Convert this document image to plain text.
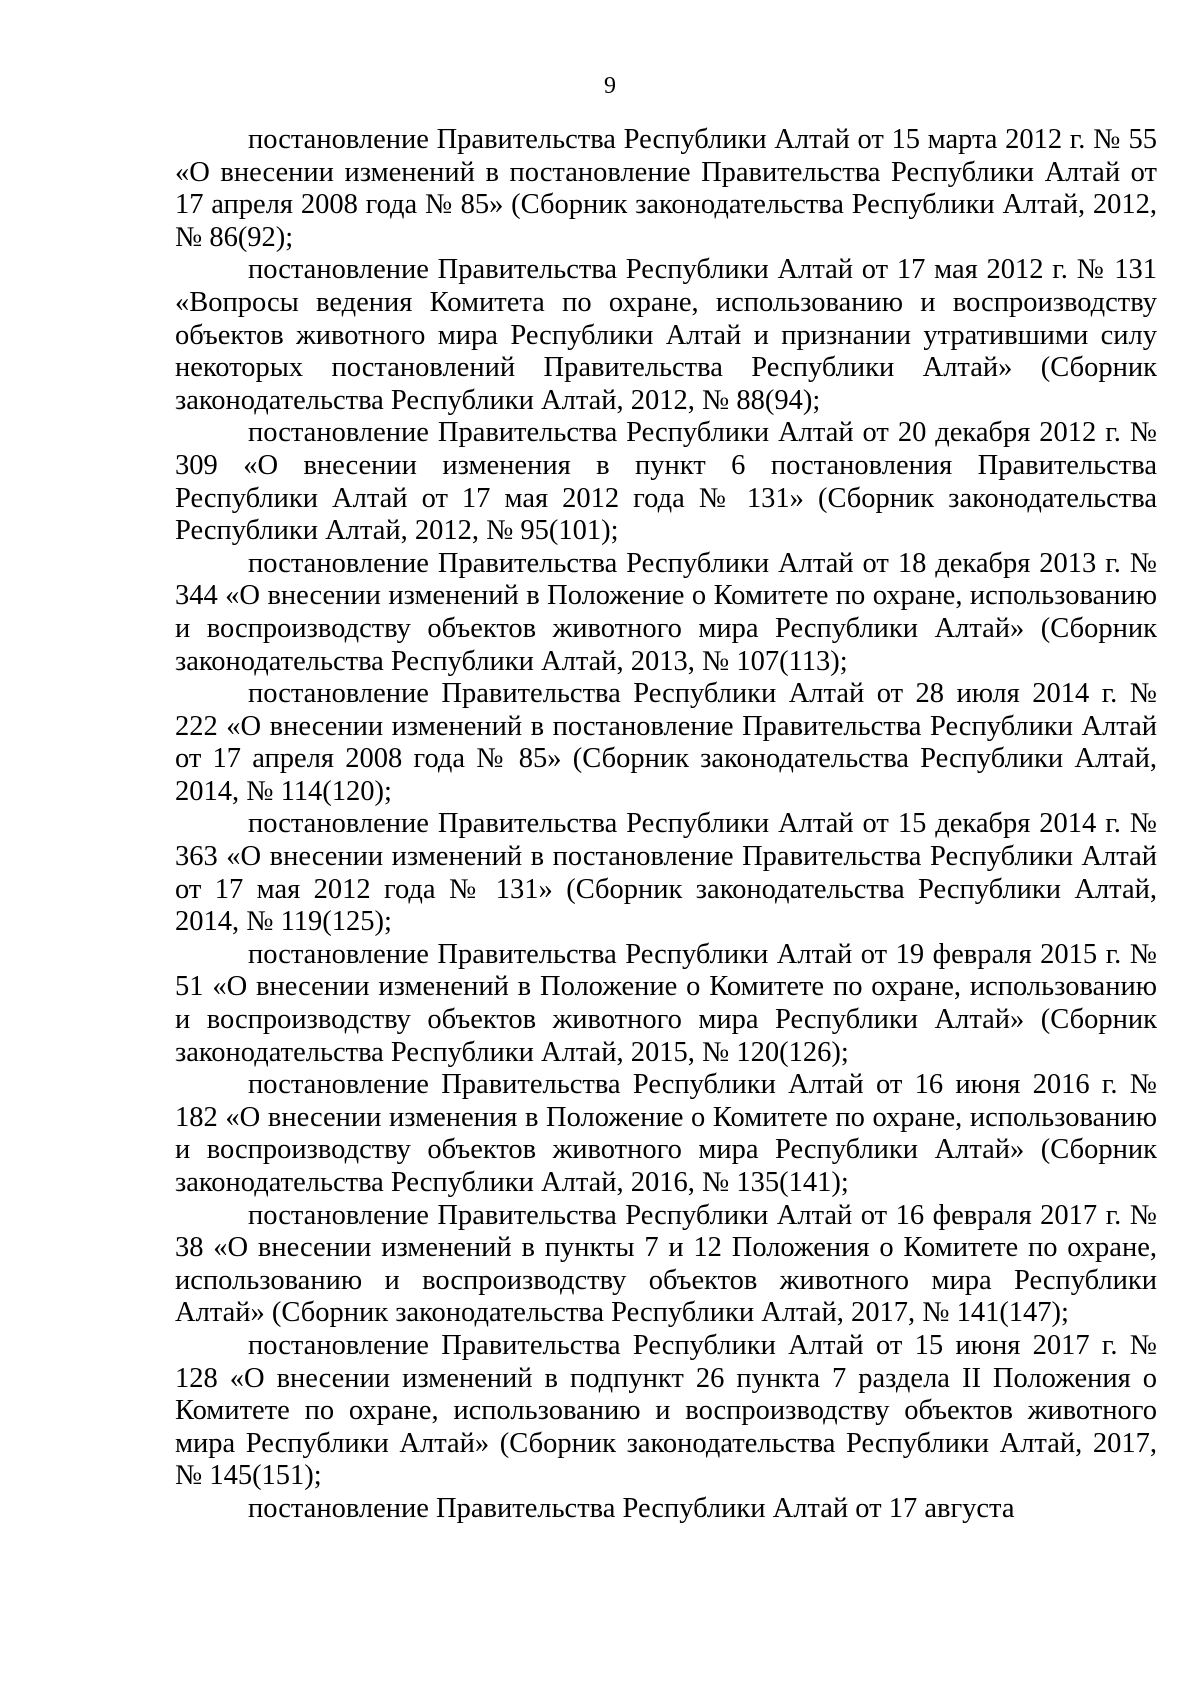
9

постановление Правительства Республики Алтай от 15 марта 2012 г. № 55 «О внесении изменений в постановление Правительства Республики Алтай от 17 апреля 2008 года № 85» (Сборник законодательства Республики Алтай, 2012, № 86(92);

постановление Правительства Республики Алтай от 17 мая 2012 г. № 131 «Вопросы ведения Комитета по охране, использованию и воспроизводству объектов животного мира Республики Алтай и признании утратившими силу некоторых постановлений Правительства Республики Алтай» (Сборник законодательства Республики Алтай, 2012, № 88(94);

постановление Правительства Республики Алтай от 20 декабря 2012 г. № 309 «О внесении изменения в пункт 6 постановления Правительства Республики Алтай от 17 мая 2012 года № 131» (Сборник законодательства Республики Алтай, 2012, № 95(101);

постановление Правительства Республики Алтай от 18 декабря 2013 г. № 344 «О внесении изменений в Положение о Комитете по охране, использованию и воспроизводству объектов животного мира Республики Алтай» (Сборник законодательства Республики Алтай, 2013, № 107(113);

постановление Правительства Республики Алтай от 28 июля 2014 г. № 222 «О внесении изменений в постановление Правительства Республики Алтай от 17 апреля 2008 года № 85» (Сборник законодательства Республики Алтай, 2014, № 114(120);

постановление Правительства Республики Алтай от 15 декабря 2014 г. № 363 «О внесении изменений в постановление Правительства Республики Алтай от 17 мая 2012 года № 131» (Сборник законодательства Республики Алтай, 2014, № 119(125);

постановление Правительства Республики Алтай от 19 февраля 2015 г. № 51 «О внесении изменений в Положение о Комитете по охране, использованию и воспроизводству объектов животного мира Республики Алтай» (Сборник законодательства Республики Алтай, 2015, № 120(126);

постановление Правительства Республики Алтай от 16 июня 2016 г. № 182 «О внесении изменения в Положение о Комитете по охране, использованию и воспроизводству объектов животного мира Республики Алтай» (Сборник законодательства Республики Алтай, 2016, № 135(141);

постановление Правительства Республики Алтай от 16 февраля 2017 г. № 38 «О внесении изменений в пункты 7 и 12 Положения о Комитете по охране, использованию и воспроизводству объектов животного мира Республики Алтай» (Сборник законодательства Республики Алтай, 2017, № 141(147);

постановление Правительства Республики Алтай от 15 июня 2017 г. № 128 «О внесении изменений в подпункт 26 пункта 7 раздела II Положения о Комитете по охране, использованию и воспроизводству объектов животного мира Республики Алтай» (Сборник законодательства Республики Алтай, 2017, № 145(151);

постановление Правительства Республики Алтай от 17 августа
